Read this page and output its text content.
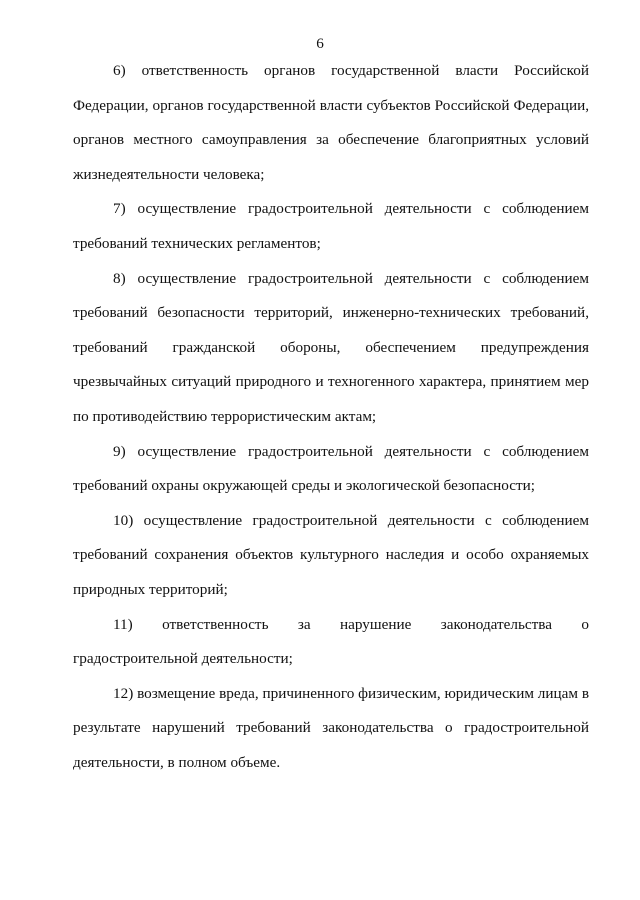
6

6) ответственность органов государственной власти Российской Федерации, органов государственной власти субъектов Российской Федерации, органов местного самоуправления за обеспечение благоприятных условий жизнедеятельности человека;

7) осуществление градостроительной деятельности с соблюдением требований технических регламентов;

8) осуществление градостроительной деятельности с соблюдением требований безопасности территорий, инженерно-технических требований, требований гражданской обороны, обеспечением предупреждения чрезвычайных ситуаций природного и техногенного характера, принятием мер по противодействию террористическим актам;

9) осуществление градостроительной деятельности с соблюдением требований охраны окружающей среды и экологической безопасности;

10) осуществление градостроительной деятельности с соблюдением требований сохранения объектов культурного наследия и особо охраняемых природных территорий;

11) ответственность за нарушение законодательства о градостроительной деятельности;

12) возмещение вреда, причиненного физическим, юридическим лицам в результате нарушений требований законодательства о градостроительной деятельности, в полном объеме.
